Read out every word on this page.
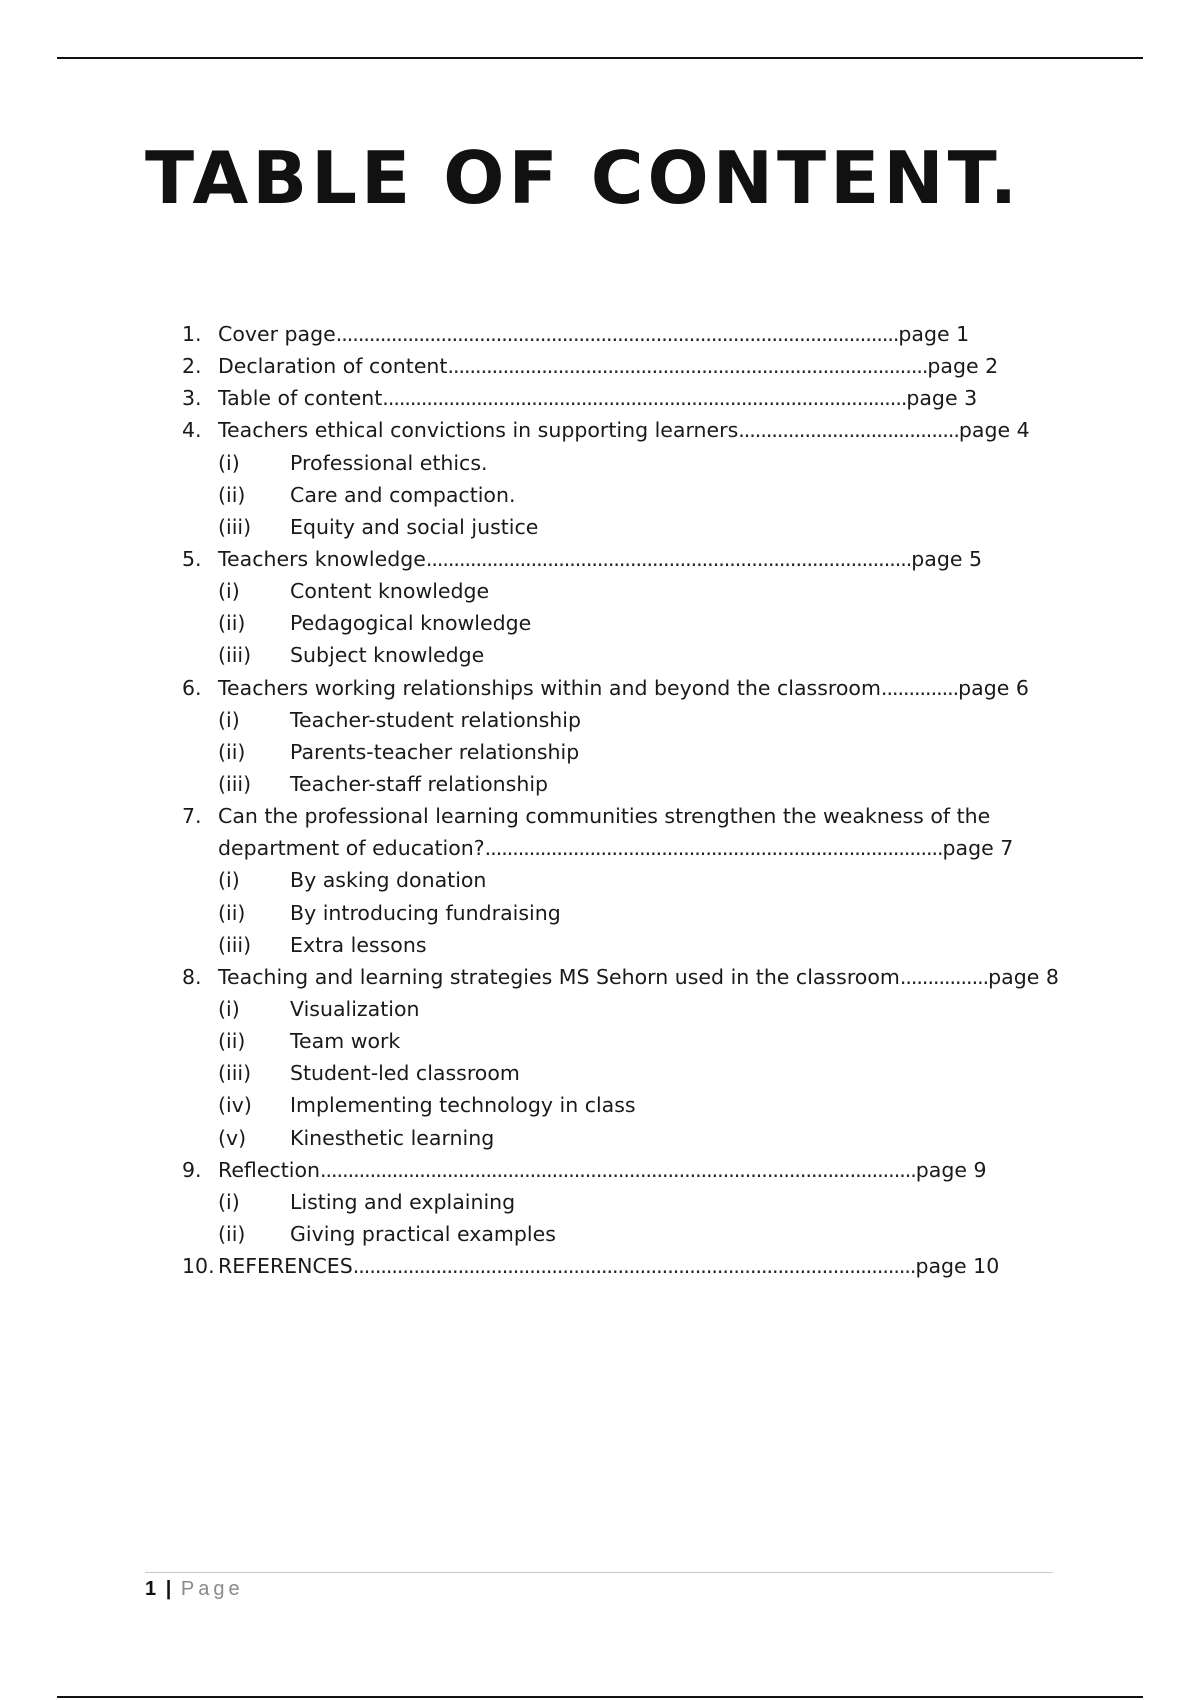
TABLE OF CONTENT.
1. Cover page ...................................................................................................... page 1
2. Declaration of content ....................................................................................... page 2
3. Table of content ............................................................................................... page 3
4. Teachers ethical convictions in supporting learners ........................................ page 4
(i)	Professional ethics.
(ii)	Care and compaction.
(iii)	Equity and social justice
5. Teachers knowledge ........................................................................................ page 5
(i)	Content knowledge
(ii)	Pedagogical knowledge
(iii)	Subject knowledge
6. Teachers working relationships within and beyond the classroom .............. page 6
(i)	Teacher-student relationship
(ii)	Parents-teacher relationship
(iii)	Teacher-staff relationship
7. Can the professional learning communities strengthen the weakness of the
department of education? ................................................................................... page 7
(i)	By asking donation
(ii)	By introducing fundraising
(iii)	Extra lessons
8. Teaching and learning strategies MS Sehorn used in the classroom ................ page 8
(i)	Visualization
(ii)	Team work
(iii)	Student-led classroom
(iv)	Implementing technology in class
(v)	Kinesthetic learning
9. Reflection ............................................................................................................ page 9
(i)	Listing and explaining
(ii)	Giving practical examples
10. REFERENCES ...................................................................................................... page 10
1 | Page
